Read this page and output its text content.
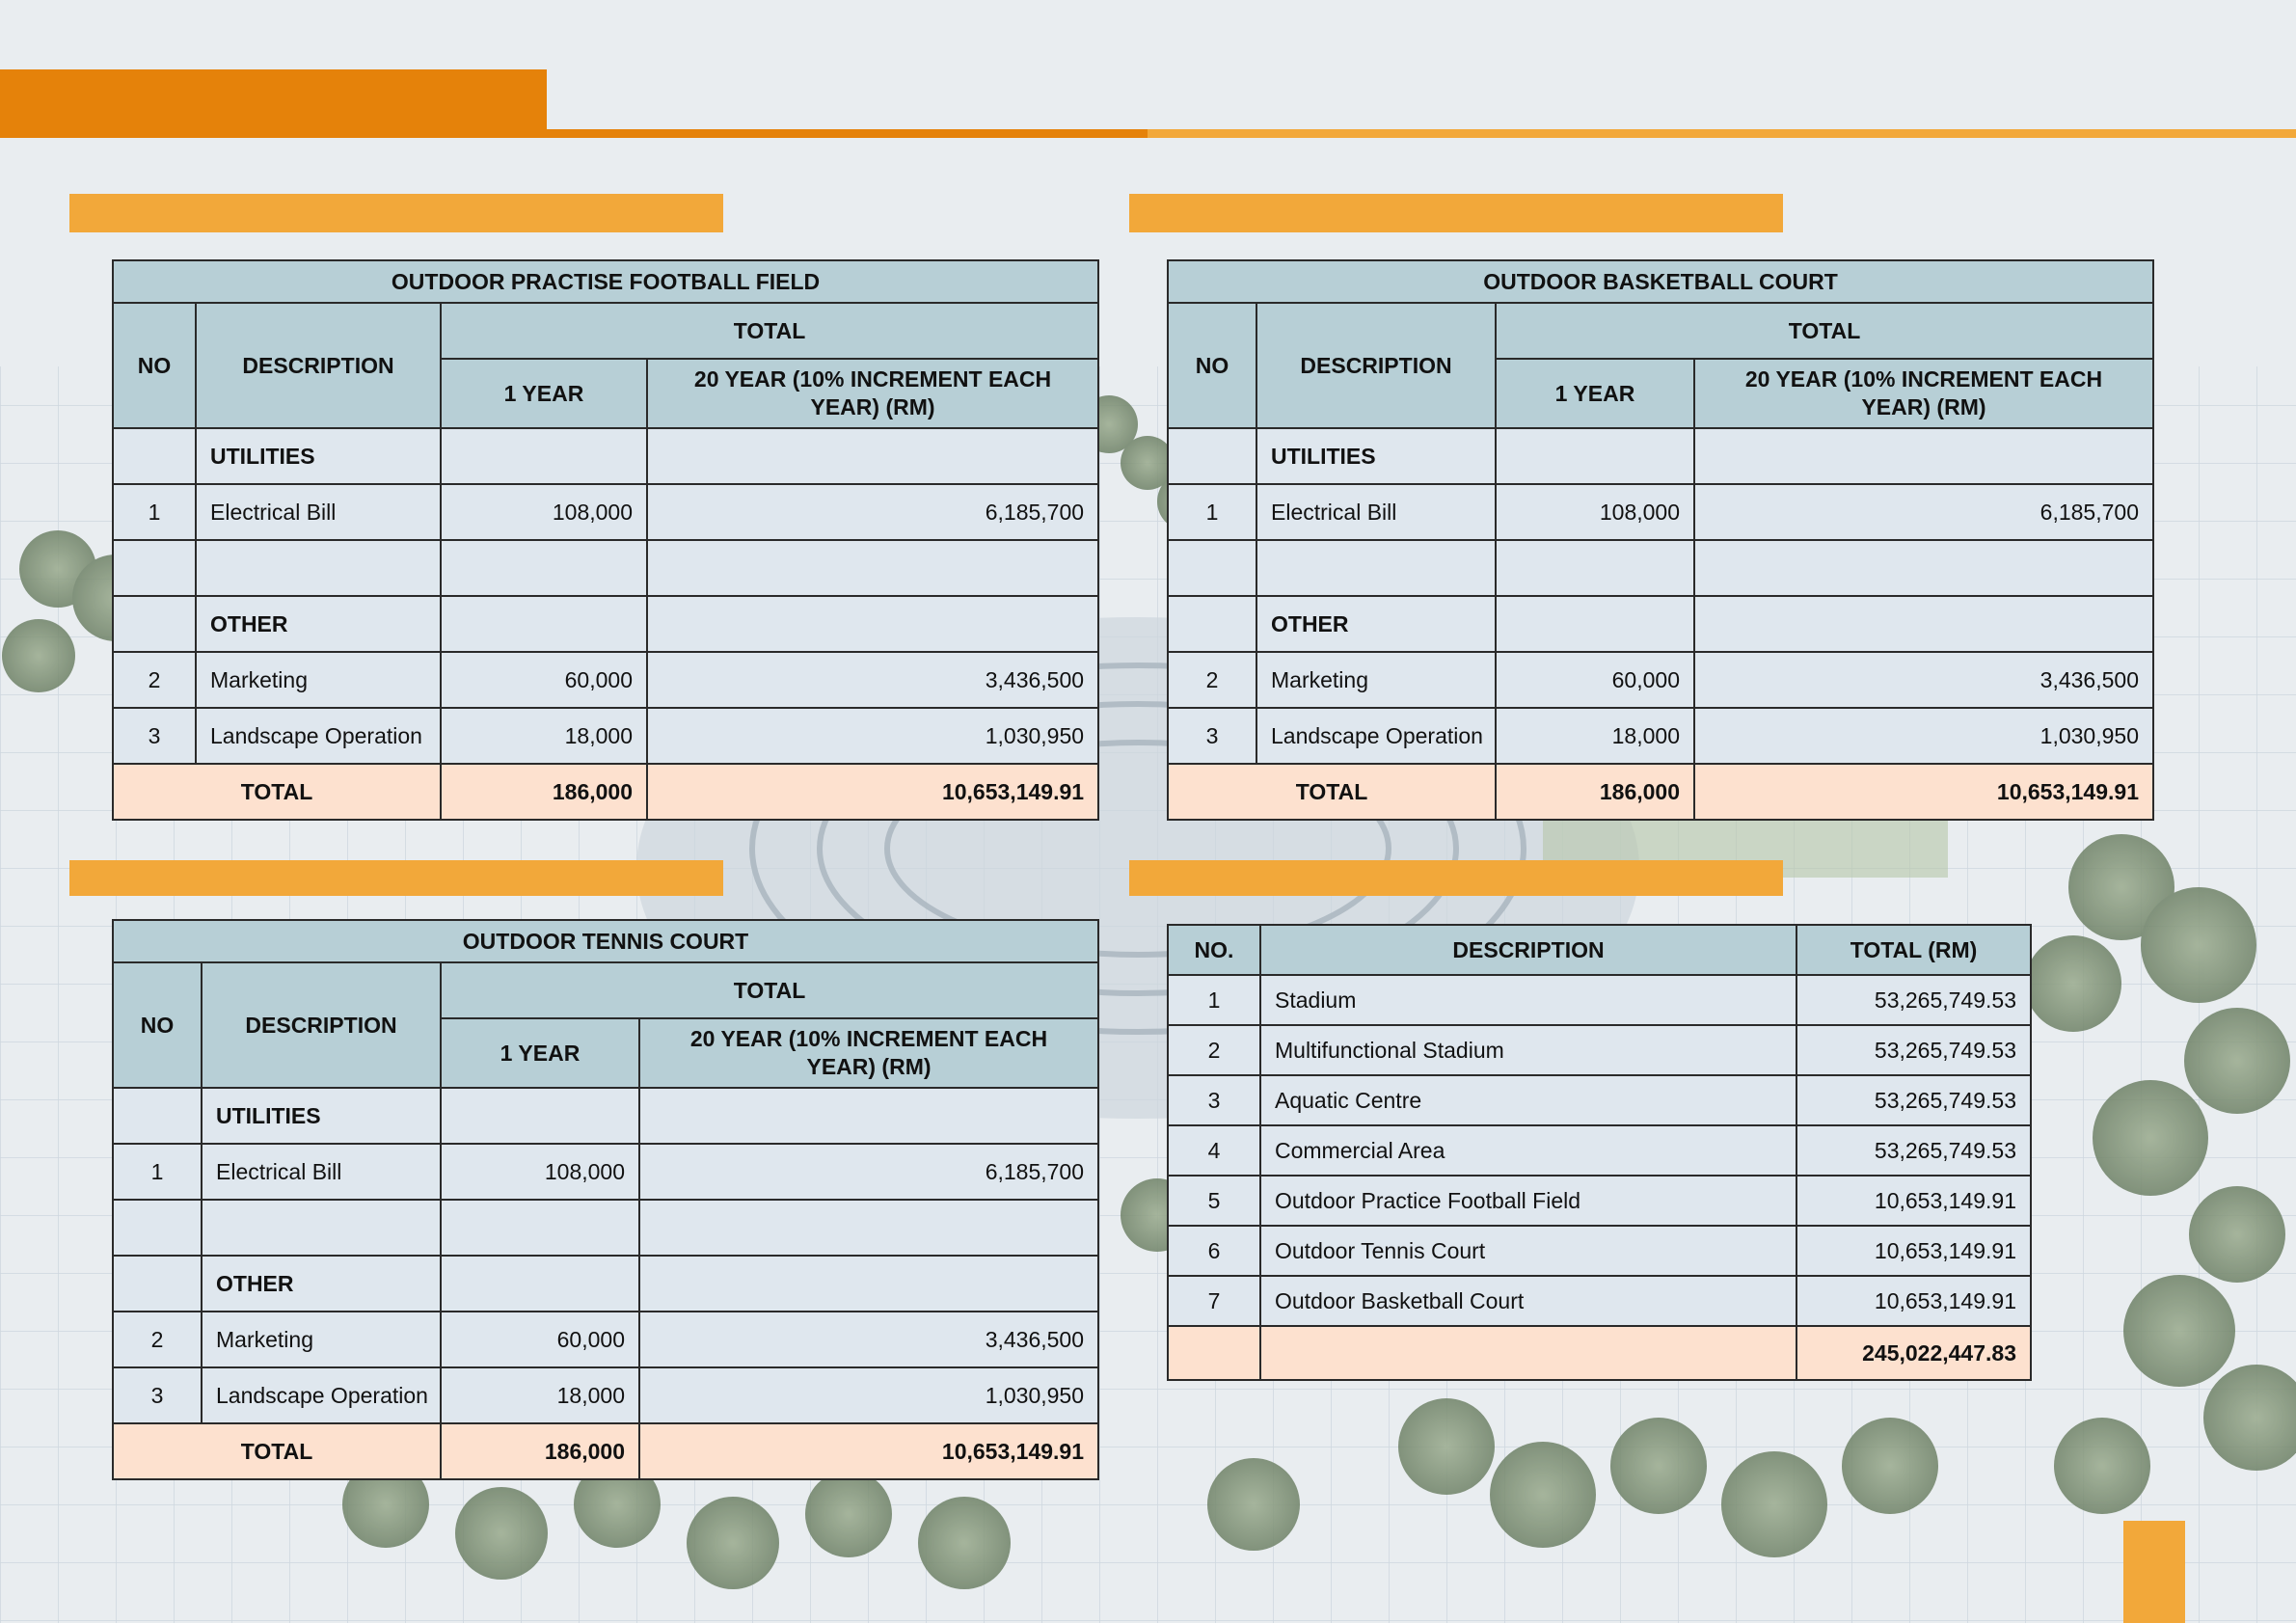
OUTDOOR PRACTISE FOOTBALL FIELD			
NO	DESCRIPTION	TOTAL	
		1 YEAR	20 YEAR (10% INCREMENT EACH YEAR) (RM)
	UTILITIES		
1	Electrical Bill	108,000	6,185,700

	OTHER		
2	Marketing	60,000	3,436,500
3	Landscape Operation	18,000	1,030,950
TOTAL		186,000	10,653,149.91
OUTDOOR BASKETBALL COURT			
NO	DESCRIPTION	TOTAL	
		1 YEAR	20 YEAR (10% INCREMENT EACH YEAR) (RM)
	UTILITIES		
1	Electrical Bill	108,000	6,185,700

	OTHER		
2	Marketing	60,000	3,436,500
3	Landscape Operation	18,000	1,030,950
TOTAL		186,000	10,653,149.91
OUTDOOR TENNIS COURT			
NO	DESCRIPTION	TOTAL	
		1 YEAR	20 YEAR (10% INCREMENT EACH YEAR) (RM)
	UTILITIES		
1	Electrical Bill	108,000	6,185,700

	OTHER		
2	Marketing	60,000	3,436,500
3	Landscape Operation	18,000	1,030,950
TOTAL		186,000	10,653,149.91
NO.	DESCRIPTION	TOTAL (RM)
1	Stadium	53,265,749.53
2	Multifunctional Stadium	53,265,749.53
3	Aquatic Centre	53,265,749.53
4	Commercial Area	53,265,749.53
5	Outdoor Practice Football Field	10,653,149.91
6	Outdoor Tennis Court	10,653,149.91
7	Outdoor Basketball Court	10,653,149.91
		245,022,447.83
